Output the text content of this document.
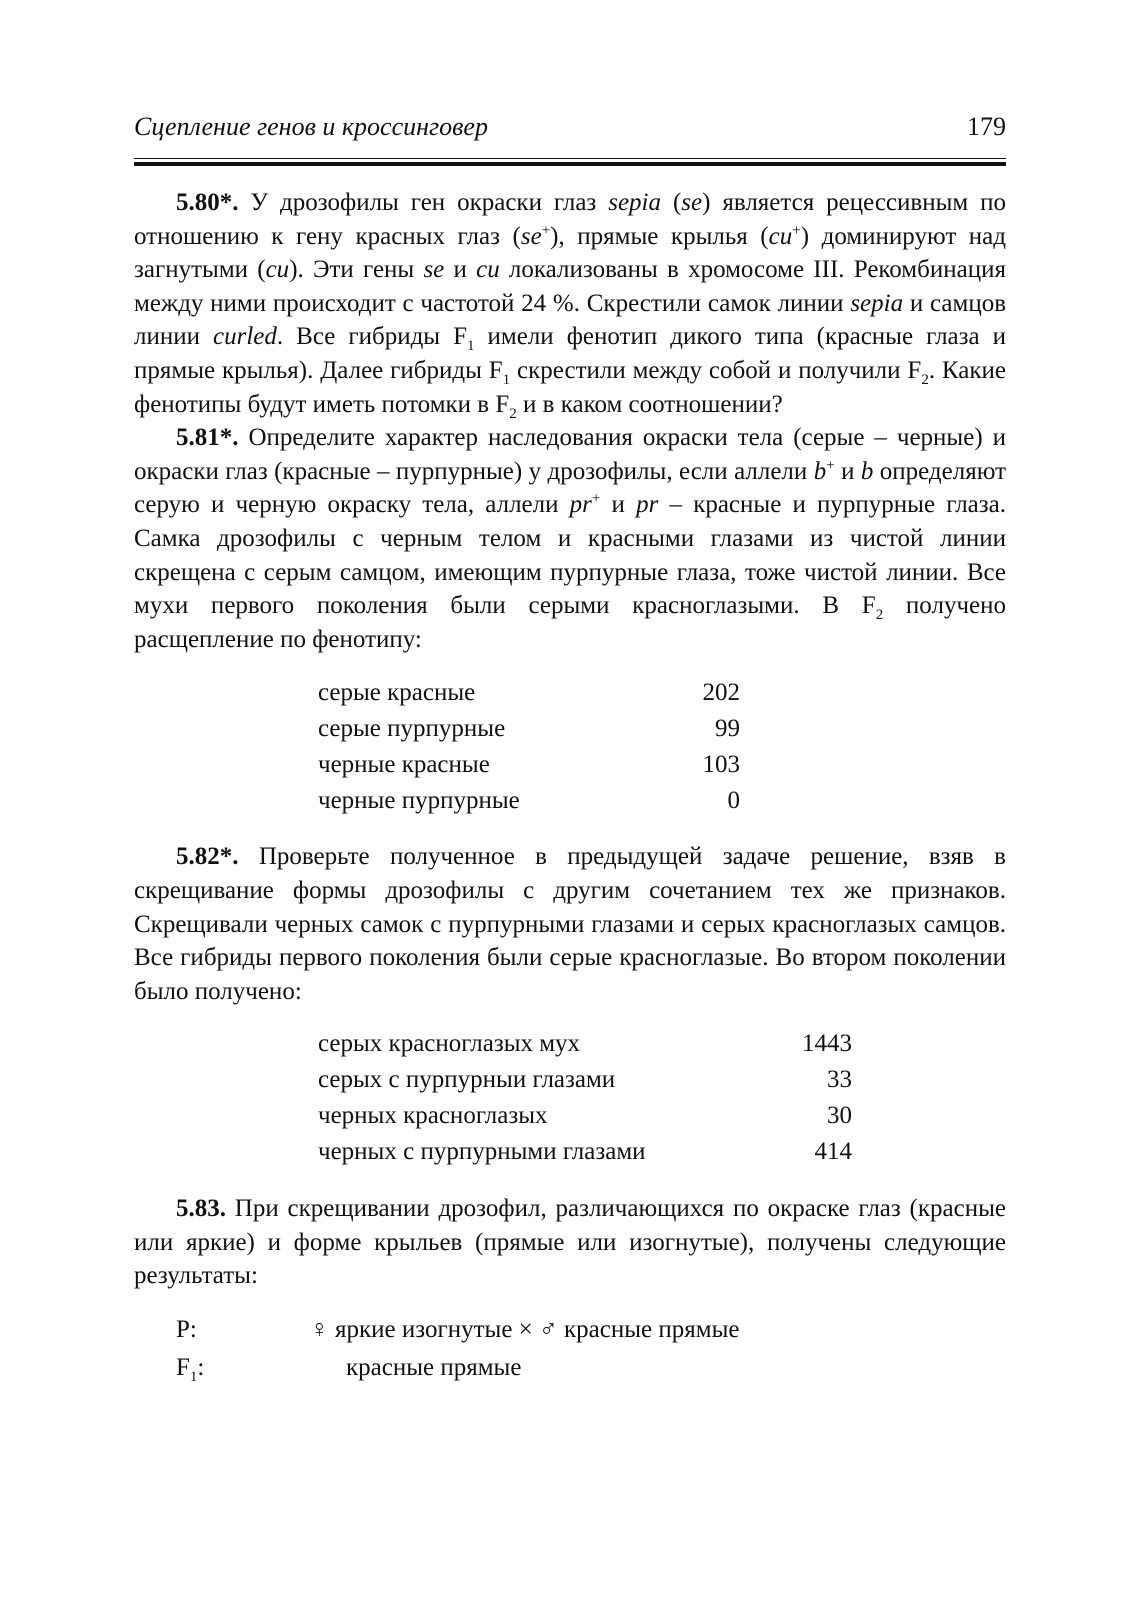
Сцепление генов и кроссинговер	179

5.80*. У дрозофилы ген окраски глаз sepia (se) является рецессивным по отношению к гену красных глаз (se+), прямые крылья (cu+) доминируют над загнутыми (cu). Эти гены se и cu локализованы в хромосоме III. Рекомбинация между ними происходит с частотой 24 %. Скрестили самок линии sepia и самцов линии curled. Все гибриды $F_1$ имели фенотип дикого типа (красные глаза и прямые крылья). Далее гибриды $F_1$ скрестили между собой и получили $F_2$. Какие фенотипы будут иметь потомки в $F_2$ и в каком соотношении?

5.81*. Определите характер наследования окраски тела (серые – черные) и окраски глаз (красные – пурпурные) у дрозофилы, если аллели b+ и b определяют серую и черную окраску тела, аллели pr+ и pr – красные и пурпурные глаза. Самка дрозофилы с черным телом и красными глазами из чистой линии скрещена с серым самцом, имеющим пурпурные глаза, тоже чистой линии. Все мухи первого поколения были серыми красноглазыми. В $F_2$ получено расщепление по фенотипу:

серые красные	202
серые пурпурные	99
черные красные	103
черные пурпурные	0

5.82*. Проверьте полученное в предыдущей задаче решение, взяв в скрещивание формы дрозофилы с другим сочетанием тех же признаков. Скрещивали черных самок с пурпурными глазами и серых красноглазых самцов. Все гибриды первого поколения были серые красноглазые. Во втором поколении было получено:

серых красноглазых мух	1443
серых с пурпурныи глазами	33
черных красноглазых	30
черных с пурпурными глазами	414

5.83. При скрещивании дрозофил, различающихся по окраске глаз (красные или яркие) и форме крыльев (прямые или изогнутые), получены следующие результаты:

P:	♀ яркие изогнутые × ♂ красные прямые
$F_1$:	красные прямые
